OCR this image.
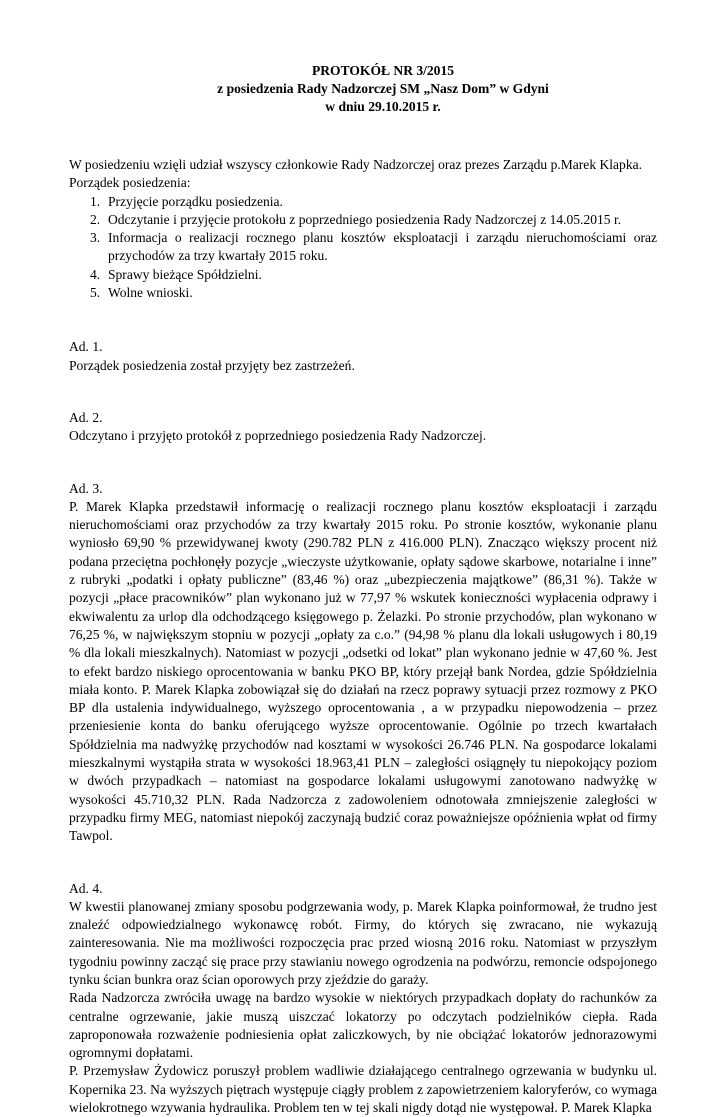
PROTOKÓŁ NR 3/2015
z posiedzenia Rady Nadzorczej SM „Nasz Dom” w Gdyni
w dniu 29.10.2015 r.

W posiedzeniu wzięli udział wszyscy członkowie Rady Nadzorczej oraz prezes Zarządu p.Marek Klapka.

Porządek posiedzenia:

1. Przyjęcie porządku posiedzenia.
2. Odczytanie i przyjęcie protokołu z poprzedniego posiedzenia Rady Nadzorczej z 14.05.2015 r.
3. Informacja o realizacji rocznego planu kosztów eksploatacji i zarządu nieruchomościami oraz przychodów za trzy kwartały 2015 roku.
4. Sprawy bieżące Spółdzielni.
5. Wolne wnioski.

Ad. 1.

Porządek posiedzenia został przyjęty bez zastrzeżeń.

Ad. 2.

Odczytano i przyjęto protokół z poprzedniego posiedzenia Rady Nadzorczej.

Ad. 3.

P. Marek Klapka przedstawił informację o realizacji rocznego planu kosztów eksploatacji i zarządu nieruchomościami oraz przychodów za trzy kwartały 2015 roku. Po stronie kosztów, wykonanie planu wyniosło 69,90 % przewidywanej kwoty (290.782 PLN z 416.000 PLN). Znacząco większy procent niż podana przeciętna pochłonęły pozycje „wieczyste użytkowanie, opłaty sądowe skarbowe, notarialne i inne” z rubryki „podatki i opłaty publiczne” (83,46 %) oraz „ubezpieczenia majątkowe” (86,31 %). Także w pozycji „płace pracowników” plan wykonano już w 77,97 % wskutek konieczności wypłacenia odprawy i ekwiwalentu za urlop dla odchodzącego księgowego p. Żelazki. Po stronie przychodów, plan wykonano w 76,25 %, w największym stopniu w pozycji „opłaty za c.o.” (94,98 % planu dla lokali usługowych i 80,19 % dla lokali mieszkalnych). Natomiast w pozycji „odsetki od lokat” plan wykonano jednie w 47,60 %. Jest to efekt bardzo niskiego oprocentowania w banku PKO BP, który przejął bank Nordea, gdzie Spółdzielnia miała konto. P. Marek Klapka zobowiązał się do działań na rzecz poprawy sytuacji przez rozmowy z PKO BP dla ustalenia indywidualnego, wyższego oprocentowania , a w przypadku niepowodzenia – przez przeniesienie konta do banku oferującego wyższe oprocentowanie. Ogólnie po trzech kwartałach Spółdzielnia ma nadwyżkę przychodów nad kosztami w wysokości 26.746 PLN. Na gospodarce lokalami mieszkalnymi wystąpiła strata w wysokości 18.963,41 PLN – zaległości osiągnęły tu niepokojący poziom w dwóch przypadkach – natomiast na gospodarce lokalami usługowymi zanotowano nadwyżkę w wysokości 45.710,32 PLN. Rada Nadzorcza z zadowoleniem odnotowała zmniejszenie zaległości w przypadku firmy MEG, natomiast niepokój zaczynają budzić coraz poważniejsze opóźnienia wpłat od firmy Tawpol.

Ad. 4.

W kwestii planowanej zmiany sposobu podgrzewania wody, p. Marek Klapka poinformował, że trudno jest znaleźć odpowiedzialnego wykonawcę robót. Firmy, do których się zwracano, nie wykazują zainteresowania. Nie ma możliwości rozpoczęcia prac przed wiosną 2016 roku. Natomiast w przyszłym tygodniu powinny zacząć się prace przy stawianiu nowego ogrodzenia na podwórzu, remoncie odspojonego tynku ścian bunkra oraz ścian oporowych przy zjeździe do garaży.

Rada Nadzorcza zwróciła uwagę na bardzo wysokie w niektórych przypadkach dopłaty do rachunków za centralne ogrzewanie, jakie muszą uiszczać lokatorzy po odczytach podzielników ciepła. Rada zaproponowała rozważenie podniesienia opłat zaliczkowych, by nie obciążać lokatorów jednorazowymi ogromnymi dopłatami.

P. Przemysław Żydowicz poruszył problem wadliwie działającego centralnego ogrzewania w budynku ul. Kopernika 23. Na wyższych piętrach występuje ciągły problem z zapowietrzeniem kaloryferów, co wymaga wielokrotnego wzywania hydraulika. Problem ten w tej skali nigdy dotąd nie występował. P. Marek Klapka
